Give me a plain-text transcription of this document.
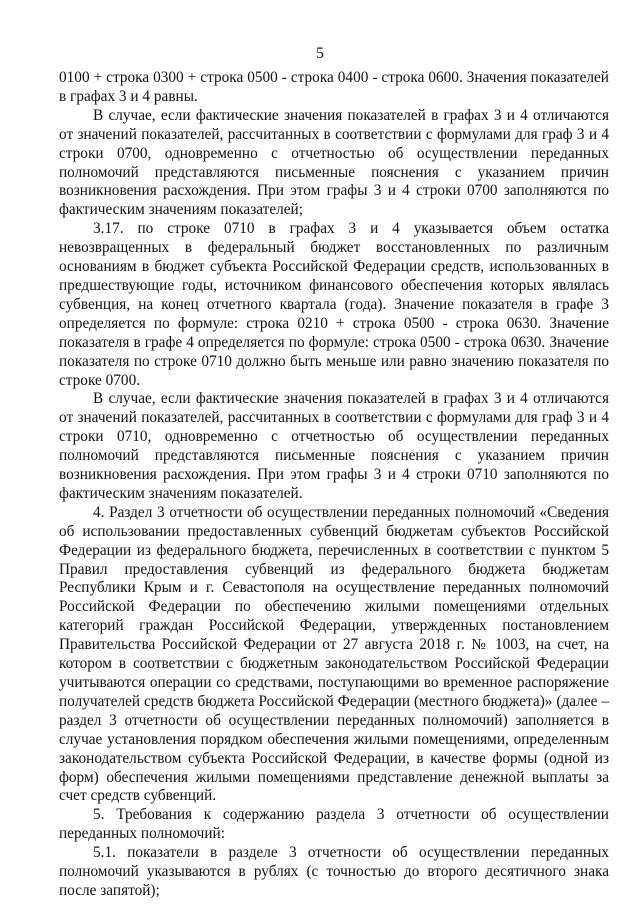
5

0100 + строка 0300 + строка 0500 - строка 0400 - строка 0600. Значения показателей в графах 3 и 4 равны.

В случае, если фактические значения показателей в графах 3 и 4 отличаются от значений показателей, рассчитанных в соответствии с формулами для граф 3 и 4 строки 0700, одновременно с отчетностью об осуществлении переданных полномочий представляются письменные пояснения с указанием причин возникновения расхождения. При этом графы 3 и 4 строки 0700 заполняются по фактическим значениям показателей;

3.17. по строке 0710 в графах 3 и 4 указывается объем остатка невозвращенных в федеральный бюджет восстановленных по различным основаниям в бюджет субъекта Российской Федерации средств, использованных в предшествующие годы, источником финансового обеспечения которых являлась субвенция, на конец отчетного квартала (года). Значение показателя в графе 3 определяется по формуле: строка 0210 + строка 0500 - строка 0630. Значение показателя в графе 4 определяется по формуле: строка 0500 - строка 0630. Значение показателя по строке 0710 должно быть меньше или равно значению показателя по строке 0700.

В случае, если фактические значения показателей в графах 3 и 4 отличаются от значений показателей, рассчитанных в соответствии с формулами для граф 3 и 4 строки 0710, одновременно с отчетностью об осуществлении переданных полномочий представляются письменные пояснения с указанием причин возникновения расхождения. При этом графы 3 и 4 строки 0710 заполняются по фактическим значениям показателей.

4. Раздел 3 отчетности об осуществлении переданных полномочий «Сведения об использовании предоставленных субвенций бюджетам субъектов Российской Федерации из федерального бюджета, перечисленных в соответствии с пунктом 5 Правил предоставления субвенций из федерального бюджета бюджетам Республики Крым и г. Севастополя на осуществление переданных полномочий Российской Федерации по обеспечению жилыми помещениями отдельных категорий граждан Российской Федерации, утвержденных постановлением Правительства Российской Федерации от 27 августа 2018 г. № 1003, на счет, на котором в соответствии с бюджетным законодательством Российской Федерации учитываются операции со средствами, поступающими во временное распоряжение получателей средств бюджета Российской Федерации (местного бюджета)» (далее – раздел 3 отчетности об осуществлении переданных полномочий) заполняется в случае установления порядком обеспечения жилыми помещениями, определенным законодательством субъекта Российской Федерации, в качестве формы (одной из форм) обеспечения жилыми помещениями представление денежной выплаты за счет средств субвенций.

5. Требования к содержанию раздела 3 отчетности об осуществлении переданных полномочий:

5.1. показатели в разделе 3 отчетности об осуществлении переданных полномочий указываются в рублях (с точностью до второго десятичного знака после запятой);
